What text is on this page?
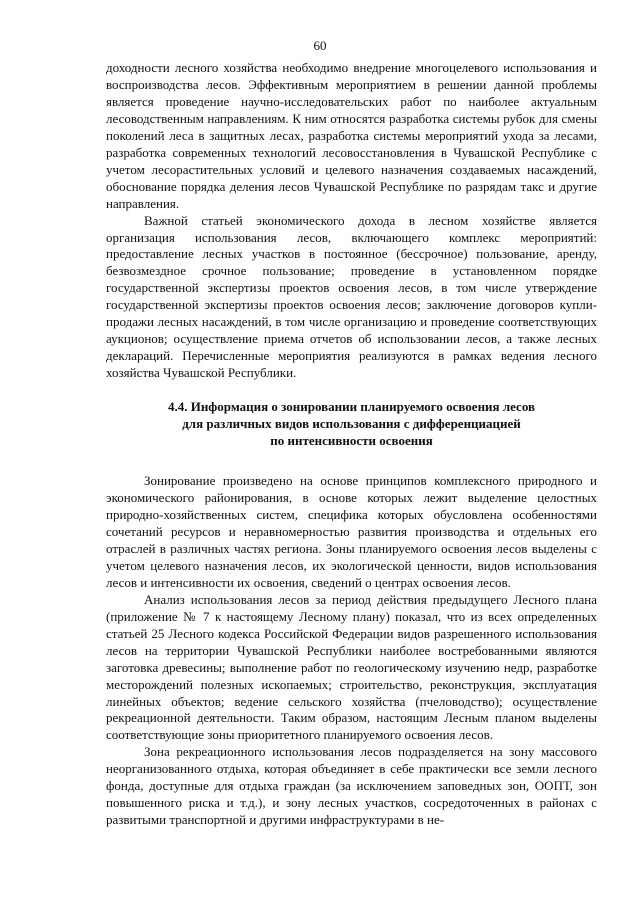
60

доходности лесного хозяйства необходимо внедрение многоцелевого использования и воспроизводства лесов. Эффективным мероприятием в решении данной проблемы является проведение научно-исследовательских работ по наиболее актуальным лесоводственным направлениям. К ним относятся разработка системы рубок для смены поколений леса в защитных лесах, разработка системы мероприятий ухода за лесами, разработка современных технологий лесовосстановления в Чувашской Республике с учетом лесорастительных условий и целевого назначения создаваемых насаждений, обоснование порядка деления лесов Чувашской Республике по разрядам такс и другие направления.

Важной статьей экономического дохода в лесном хозяйстве является организация использования лесов, включающего комплекс мероприятий: предоставление лесных участков в постоянное (бессрочное) пользование, аренду, безвозмездное срочное пользование; проведение в установленном порядке государственной экспертизы проектов освоения лесов, в том числе утверждение государственной экспертизы проектов освоения лесов; заключение договоров купли-продажи лесных насаждений, в том числе организацию и проведение соответствующих аукционов; осуществление приема отчетов об использовании лесов, а также лесных деклараций. Перечисленные мероприятия реализуются в рамках ведения лесного хозяйства Чувашской Республики.

4.4. Информация о зонировании планируемого освоения лесов
для различных видов использования с дифференциацией
по интенсивности освоения

Зонирование произведено на основе принципов комплексного природного и экономического районирования, в основе которых лежит выделение целостных природно-хозяйственных систем, специфика которых обусловлена особенностями сочетаний ресурсов и неравномерностью развития производства и отдельных его отраслей в различных частях региона. Зоны планируемого освоения лесов выделены с учетом целевого назначения лесов, их экологической ценности, видов использования лесов и интенсивности их освоения, сведений о центрах освоения лесов.

Анализ использования лесов за период действия предыдущего Лесного плана (приложение № 7 к настоящему Лесному плану) показал, что из всех определенных статьей 25 Лесного кодекса Российской Федерации видов разрешенного использования лесов на территории Чувашской Республики наиболее востребованными являются заготовка древесины; выполнение работ по геологическому изучению недр, разработке месторождений полезных ископаемых; строительство, реконструкция, эксплуатация линейных объектов; ведение сельского хозяйства (пчеловодство); осуществление рекреационной деятельности. Таким образом, настоящим Лесным планом выделены соответствующие зоны приоритетного планируемого освоения лесов.

Зона рекреационного использования лесов подразделяется на зону массового неорганизованного отдыха, которая объединяет в себе практически все земли лесного фонда, доступные для отдыха граждан (за исключением заповедных зон, ООПТ, зон повышенного риска и т.д.), и зону лесных участков, сосредоточенных в районах с развитыми транспортной и другими инфраструктурами в не-
